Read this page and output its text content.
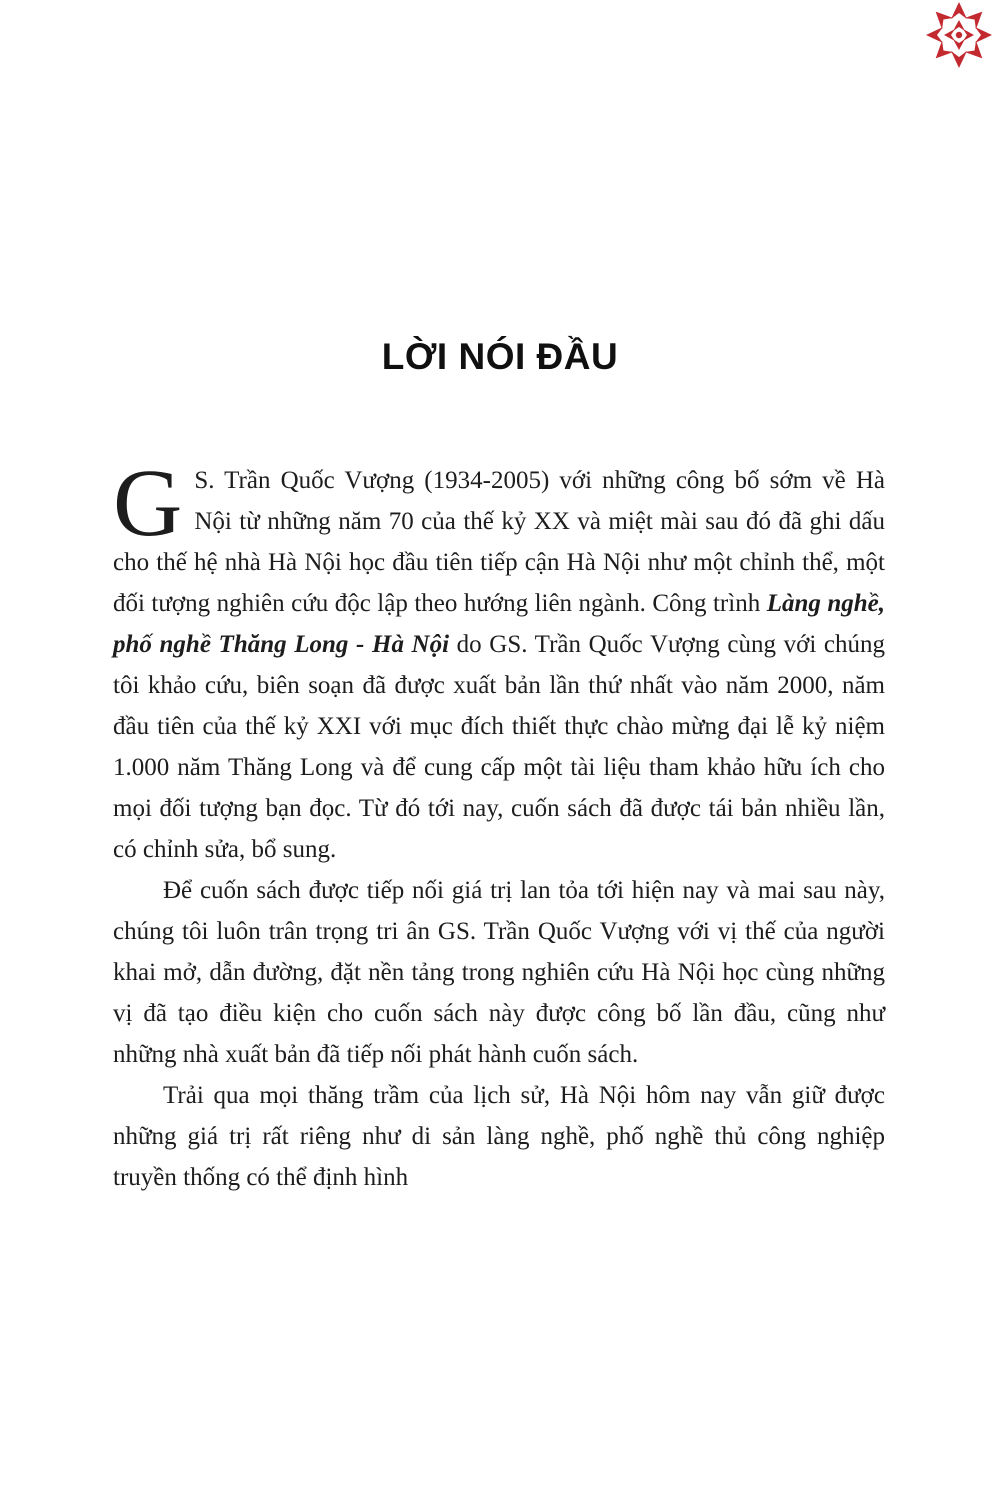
LỜI NÓI ĐẦU

G S. Trần Quốc Vượng (1934-2005) với những công bố sớm về Hà Nội từ những năm 70 của thế kỷ XX và miệt mài sau đó đã ghi dấu cho thế hệ nhà Hà Nội học đầu tiên tiếp cận Hà Nội như một chỉnh thể, một đối tượng nghiên cứu độc lập theo hướng liên ngành. Công trình Làng nghề, phố nghề Thăng Long - Hà Nội do GS. Trần Quốc Vượng cùng với chúng tôi khảo cứu, biên soạn đã được xuất bản lần thứ nhất vào năm 2000, năm đầu tiên của thế kỷ XXI với mục đích thiết thực chào mừng đại lễ kỷ niệm 1.000 năm Thăng Long và để cung cấp một tài liệu tham khảo hữu ích cho mọi đối tượng bạn đọc. Từ đó tới nay, cuốn sách đã được tái bản nhiều lần, có chỉnh sửa, bổ sung.

Để cuốn sách được tiếp nối giá trị lan tỏa tới hiện nay và mai sau này, chúng tôi luôn trân trọng tri ân GS. Trần Quốc Vượng với vị thế của người khai mở, dẫn đường, đặt nền tảng trong nghiên cứu Hà Nội học cùng những vị đã tạo điều kiện cho cuốn sách này được công bố lần đầu, cũng như những nhà xuất bản đã tiếp nối phát hành cuốn sách.

Trải qua mọi thăng trầm của lịch sử, Hà Nội hôm nay vẫn giữ được những giá trị rất riêng như di sản làng nghề, phố nghề thủ công nghiệp truyền thống có thể định hình
